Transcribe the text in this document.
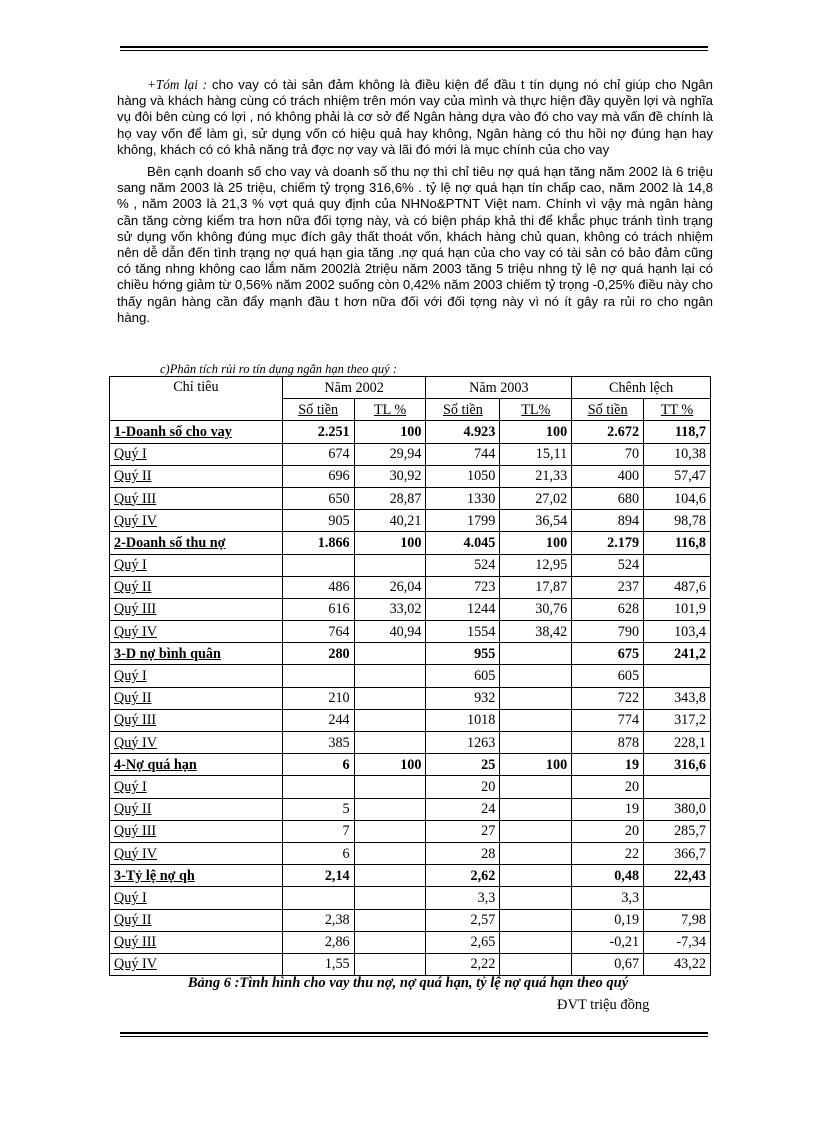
+Tóm lại : cho vay có tài sản đảm không là điều kiện để đầu t tín dụng nó chỉ giúp cho Ngân hàng và khách hàng cùng có trách nhiệm trên món vay của mình và thực hiện đầy quyền lợi và nghĩa vụ đôi bên cùng có lợi , nó không phải là cơ sở để Ngân hàng dựa vào đó cho vay mà vấn đề chính là họ vay vốn để làm gì, sử dụng vốn có hiệu quả hay không, Ngân hàng có thu hồi nợ đúng hạn hay không, khách có có khả năng trả đợc nợ vay và lãi đó mới là mục chính của cho vay

Bên cạnh doanh số cho vay và doanh số thu nợ thì chỉ tiêu nợ quá hạn tăng năm 2002 là 6 triệu sang năm 2003 là 25 triệu, chiếm tỷ trọng 316,6% . tỷ lệ nợ quá hạn tín chấp cao, năm 2002 là 14,8 % , năm 2003 là 21,3 % vợt quá quy định của NHNo&PTNT Việt nam. Chính vì vậy mà ngân hàng cần tăng cờng kiểm tra hơn nữa đối tợng này, và có biện pháp khả thi để khắc phục tránh tình trạng sử dụng vốn không đúng mục đích gây thất thoát vốn, khách hàng chủ quan, không có trách nhiệm nên dễ dẫn đến tình trạng nợ quá hạn gia tăng .nợ quá hạn của cho vay có tài sản có bảo đảm cũng có tăng nhng không cao lắm năm 2002là 2triệu năm 2003 tăng 5 triệu nhng tỷ lệ nợ quá hạnh lại có chiều hớng giảm từ 0,56% năm 2002 suống còn 0,42% năm 2003 chiếm tỷ trọng -0,25% điều này cho thấy ngân hàng cần đẩy mạnh đầu t hơn nữa đối với đối tợng này vì nó ít gây ra rủi ro cho ngân hàng.

c)Phân tích rủi ro tín dụng ngắn hạn theo quý :
Chỉ tiêu	Năm 2002		Năm 2003		Chênh lệch	
	Số tiền	TL %	Số tiền	TL%	Số tiền	TT %
1-Doanh số cho vay	2.251	100	4.923	100	2.672	118,7
Quý I	674	29,94	744	15,11	70	10,38
Quý II	696	30,92	1050	21,33	400	57,47
Quý III	650	28,87	1330	27,02	680	104,6
Quý IV	905	40,21	1799	36,54	894	98,78
2-Doanh số thu nợ	1.866	100	4.045	100	2.179	116,8
Quý I			524	12,95	524	
Quý II	486	26,04	723	17,87	237	487,6
Quý III	616	33,02	1244	30,76	628	101,9
Quý IV	764	40,94	1554	38,42	790	103,4
3-D nợ bình quân	280		955		675	241,2
Quý I			605		605	
Quý II	210		932		722	343,8
Quý III	244		1018		774	317,2
Quý IV	385		1263		878	228,1
4-Nợ quá hạn	6	100	25	100	19	316,6
Quý I			20		20	
Quý II	5		24		19	380,0
Quý III	7		27		20	285,7
Quý IV	6		28		22	366,7
3-Tỷ lệ nợ qh	2,14		2,62		0,48	22,43
Quý I			3,3		3,3	
Quý II	2,38		2,57		0,19	7,98
Quý III	2,86		2,65		-0,21	-7,34
Quý IV	1,55		2,22		0,67	43,22
Bảng 6 :Tình hình cho vay thu nợ, nợ quá hạn, tỷ lệ nợ quá hạn theo quý
ĐVT triệu đồng
